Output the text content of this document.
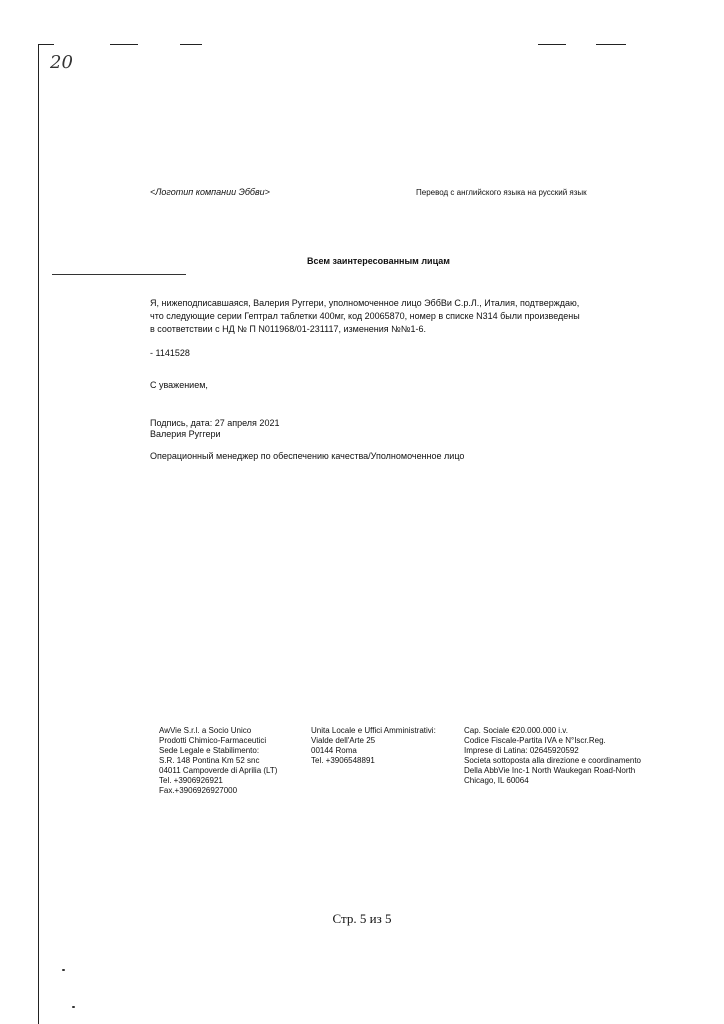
20
<Логотип компании Эббви>	Перевод с английского языка на русский язык
Всем заинтересованным лицам
Я, нижеподписавшаяся, Валерия Руггери, уполномоченное лицо ЭббВи С.р.Л., Италия, подтверждаю,
что следующие серии Гептрал таблетки 400мг, код 20065870, номер в списке N314 были произведены
в соответствии с НД № П N011968/01-231117, изменения №№1-6.
- 1141528
С уважением,
Подпись, дата: 27 апреля 2021
Валерия Руггери
Операционный менеджер по обеспечению качества/Уполномоченное лицо
AwVie S.r.l. a Socio Unico
Prodotti Chimico-Farmaceutici
Sede Legale e Stabilimento:
S.R. 148 Pontina Km 52 snc
04011 Campoverde di Aprilia (LT)
Tel. +3906926921
Fax.+3906926927000
Unita Locale e Uffici Amministrativi:
Vialde dell'Arte 25
00144 Roma
Tel. +3906548891
Cap. Sociale €20.000.000 i.v.
Codice Fiscale-Partita IVA e N°Iscr.Reg.
Imprese di Latina: 02645920592
Societa sottoposta alla direzione e coordinamento
Della AbbVie Inc-1 North Waukegan Road-North
Chicago, IL 60064
Стр. 5 из 5
